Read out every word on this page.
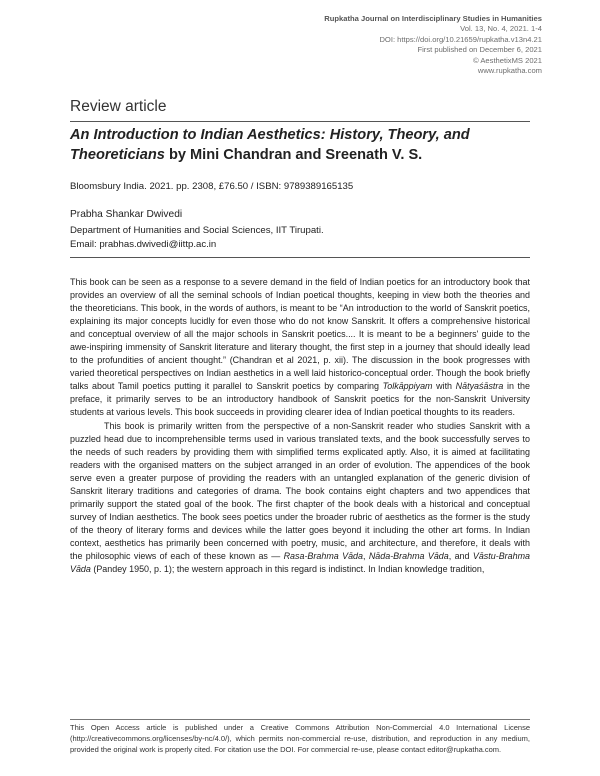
Rupkatha Journal on Interdisciplinary Studies in Humanities
Vol. 13, No. 4, 2021. 1-4
DOI: https://doi.org/10.21659/rupkatha.v13n4.21
First published on December 6, 2021
© AesthetixMS 2021
www.rupkatha.com
Review article
An Introduction to Indian Aesthetics: History, Theory, and Theoreticians by Mini Chandran and Sreenath V. S.
Bloomsbury India. 2021. pp. 2308, £76.50 / ISBN: 9789389165135
Prabha Shankar Dwivedi
Department of Humanities and Social Sciences, IIT Tirupati.
Email: prabhas.dwivedi@iittp.ac.in

This book can be seen as a response to a severe demand in the field of Indian poetics for an introductory book that provides an overview of all the seminal schools of Indian poetical thoughts, keeping in view both the theories and the theoreticians. This book, in the words of authors, is meant to be “An introduction to the world of Sanskrit poetics, explaining its major concepts lucidly for even those who do not know Sanskrit. It offers a comprehensive historical and conceptual overview of all the major schools in Sanskrit poetics.... It is meant to be a beginners' guide to the awe-inspiring immensity of Sanskrit literature and literary thought, the first step in a journey that should ideally lead to the profundities of ancient thought.” (Chandran et al 2021, p. xii). The discussion in the book progresses with varied theoretical perspectives on Indian aesthetics in a well laid historico-conceptual order. Though the book briefly talks about Tamil poetics putting it parallel to Sanskrit poetics by comparing Tolkāppiyam with Nātyaśāstra in the preface, it primarily serves to be an introductory handbook of Sanskrit poetics for the non-Sanskrit University students at various levels. This book succeeds in providing clearer idea of Indian poetical thoughts to its readers.

This book is primarily written from the perspective of a non-Sanskrit reader who studies Sanskrit with a puzzled head due to incomprehensible terms used in various translated texts, and the book successfully serves to the needs of such readers by providing them with simplified terms explicated aptly. Also, it is aimed at facilitating readers with the organised matters on the subject arranged in an order of evolution. The appendices of the book serve even a greater purpose of providing the readers with an untangled explanation of the generic division of Sanskrit literary traditions and categories of drama. The book contains eight chapters and two appendices that primarily support the stated goal of the book. The first chapter of the book deals with a historical and conceptual survey of Indian aesthetics. The book sees poetics under the broader rubric of aesthetics as the former is the study of the theory of literary forms and devices while the latter goes beyond it including the other art forms. In Indian context, aesthetics has primarily been concerned with poetry, music, and architecture, and therefore, it deals with the philosophic views of each of these known as — Rasa-Brahma Vāda, Nāda-Brahma Vāda, and Vāstu-Brahma Vāda (Pandey 1950, p. 1); the western approach in this regard is indistinct. In Indian knowledge tradition,

This Open Access article is published under a Creative Commons Attribution Non-Commercial 4.0 International License (http://creativecommons.org/licenses/by-nc/4.0/), which permits non-commercial re-use, distribution, and reproduction in any medium, provided the original work is properly cited. For citation use the DOI. For commercial re-use, please contact editor@rupkatha.com.
